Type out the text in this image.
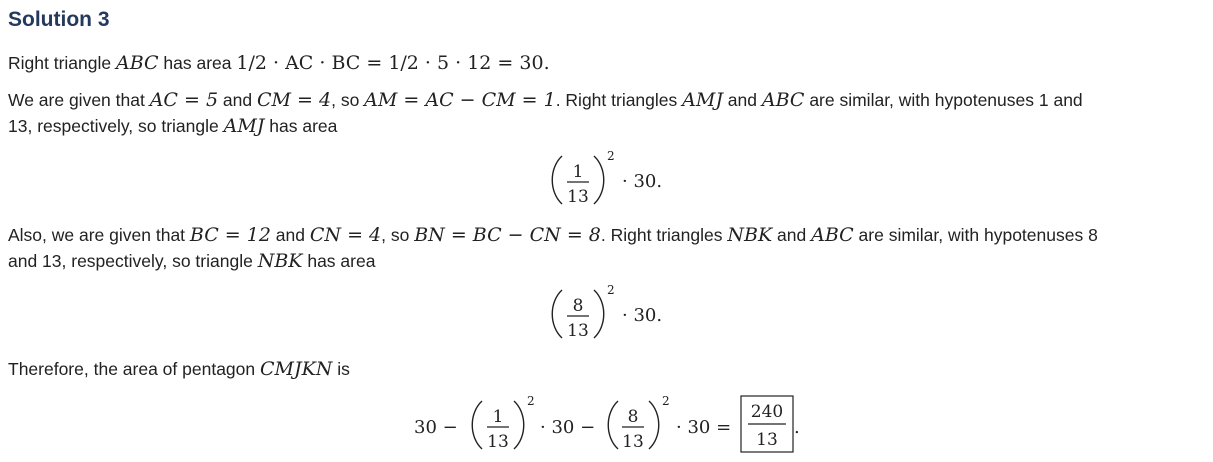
Solution 3
Right triangle ABC has area 1/2 · AC · BC = 1/2 · 5 · 12 = 30.
We are given that AC = 5 and CM = 4, so AM = AC − CM = 1. Right triangles AMJ and ABC are similar, with hypotenuses 1 and
13, respectively, so triangle AMJ has area
1
13
2
· 30.
Also, we are given that BC = 12 and CN = 4, so BN = BC − CN = 8. Right triangles NBK and ABC are similar, with hypotenuses 8
and 13, respectively, so triangle NBK has area
8
13
2
· 30.
Therefore, the area of pentagon CMJKN is
30 − 1
13
2
· 30 − 8
13
2
· 30 =
240
13
.
